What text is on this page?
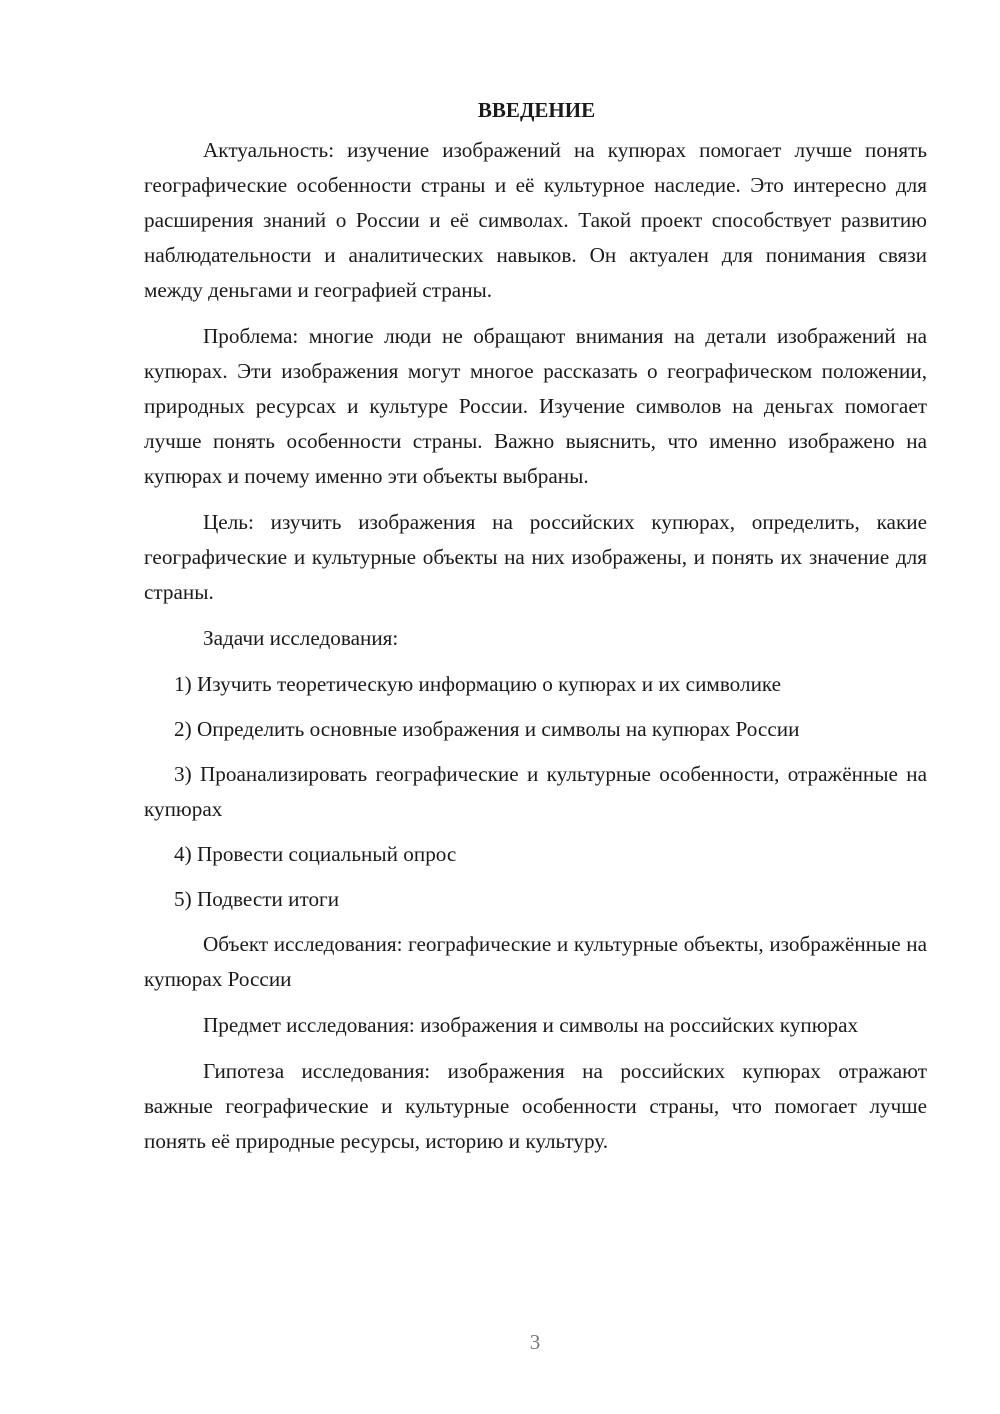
ВВЕДЕНИЕ

Актуальность: изучение изображений на купюрах помогает лучше понять географические особенности страны и её культурное наследие. Это интересно для расширения знаний о России и её символах. Такой проект способствует развитию наблюдательности и аналитических навыков. Он актуален для понимания связи между деньгами и географией страны.

Проблема: многие люди не обращают внимания на детали изображений на купюрах. Эти изображения могут многое рассказать о географическом положении, природных ресурсах и культуре России. Изучение символов на деньгах помогает лучше понять особенности страны. Важно выяснить, что именно изображено на купюрах и почему именно эти объекты выбраны.

Цель: изучить изображения на российских купюрах, определить, какие географические и культурные объекты на них изображены, и понять их значение для страны.

Задачи исследования:

1) Изучить теоретическую информацию о купюрах и их символике

2) Определить основные изображения и символы на купюрах России

3) Проанализировать географические и культурные особенности, отражённые на купюрах

4) Провести социальный опрос

5) Подвести итоги

Объект исследования: географические и культурные объекты, изображённые на купюрах России

Предмет исследования: изображения и символы на российских купюрах

Гипотеза исследования: изображения на российских купюрах отражают важные географические и культурные особенности страны, что помогает лучше понять её природные ресурсы, историю и культуру.

3
